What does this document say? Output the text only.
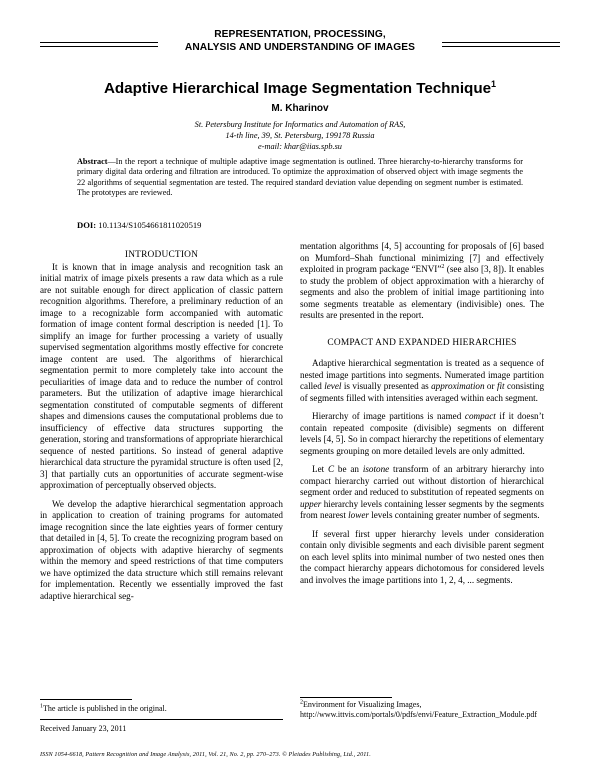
REPRESENTATION, PROCESSING,
ANALYSIS AND UNDERSTANDING OF IMAGES
Adaptive Hierarchical Image Segmentation Technique$^1$
M. Kharinov
St. Petersburg Institute for Informatics and Automation of RAS,
14-th line, 39, St. Petersburg, 199178 Russia
e-mail: khar@iias.spb.su
Abstract—In the report a technique of multiple adaptive image segmentation is outlined. Three hierarchy-to-hierarchy transforms for primary digital data ordering and filtration are introduced. To optimize the approximation of observed object with image segments the 22 algorithms of sequential segmentation are tested. The required standard deviation value depending on segment number is estimated. The prototypes are reviewed.
DOI: 10.1134/S1054661811020519

INTRODUCTION

It is known that in image analysis and recognition task an initial matrix of image pixels presents a raw data which as a rule are not suitable enough for direct application of classic pattern recognition algorithms. Therefore, a preliminary reduction of an image to a recognizable form accompanied with automatic formation of image content formal description is needed [1]. To simplify an image for further processing a variety of usually supervised segmentation algorithms mostly effective for concrete image content are used. The algorithms of hierarchical segmentation permit to more completely take into account the peculiarities of image data and to reduce the number of control parameters. But the utilization of adaptive image hierarchical segmentation constituted of computable segments of different shapes and dimensions causes the computational problems due to insufficiency of effective data structures supporting the generation, storing and transformations of appropriate hierarchical sequence of nested partitions. So instead of general adaptive hierarchical data structure the pyramidal structure is often used [2, 3] that partially cuts an opportunities of accurate segment-wise approximation of perceptually observed objects.

We develop the adaptive hierarchical segmentation approach in application to creation of training programs for automated image recognition since the late eighties years of former century that detailed in [4, 5]. To create the recognizing program based on approximation of objects with adaptive hierarchy of segments within the memory and speed restrictions of that time computers we have optimized the data structure which still remains relevant for implementation. Recently we essentially improved the fast adaptive hierarchical seg-

mentation algorithms [4, 5] accounting for proposals of [6] based on Mumford–Shah functional minimizing [7] and effectively exploited in program package “ENVI”$^2$ (see also [3, 8]). It enables to study the problem of object approximation with a hierarchy of segments and also the problem of initial image partitioning into some segments treatable as elementary (indivisible) ones. The results are presented in the report.

COMPACT AND EXPANDED HIERARCHIES

Adaptive hierarchical segmentation is treated as a sequence of nested image partitions into segments. Numerated image partition called level is visually presented as approximation or fit consisting of segments filled with intensities averaged within each segment.

Hierarchy of image partitions is named compact if it doesn’t contain repeated composite (divisible) segments on different levels [4, 5]. So in compact hierarchy the repetitions of elementary segments grouping on more detailed levels are only admitted.

Let C be an isotone transform of an arbitrary hierarchy into compact hierarchy carried out without distortion of hierarchical segment order and reduced to substitution of repeated segments on upper hierarchy levels containing lesser segments by the segments from nearest lower levels containing greater number of segments.

If several first upper hierarchy levels under consideration contain only divisible segments and each divisible parent segment on each level splits into minimal number of two nested ones then the compact hierarchy appears dichotomous for considered levels and involves the image partitions into 1, 2, 4, ... segments.

$^1$The article is published in the original.
Received January 23, 2011
$^2$Environment for Visualizing Images, http://www.ittvis.com/portals/0/pdfs/envi/Feature_Extraction_Module.pdf
ISSN 1054-6618, Pattern Recognition and Image Analysis, 2011, Vol. 21, No. 2, pp. 270–273. © Pleiades Publishing, Ltd., 2011.
